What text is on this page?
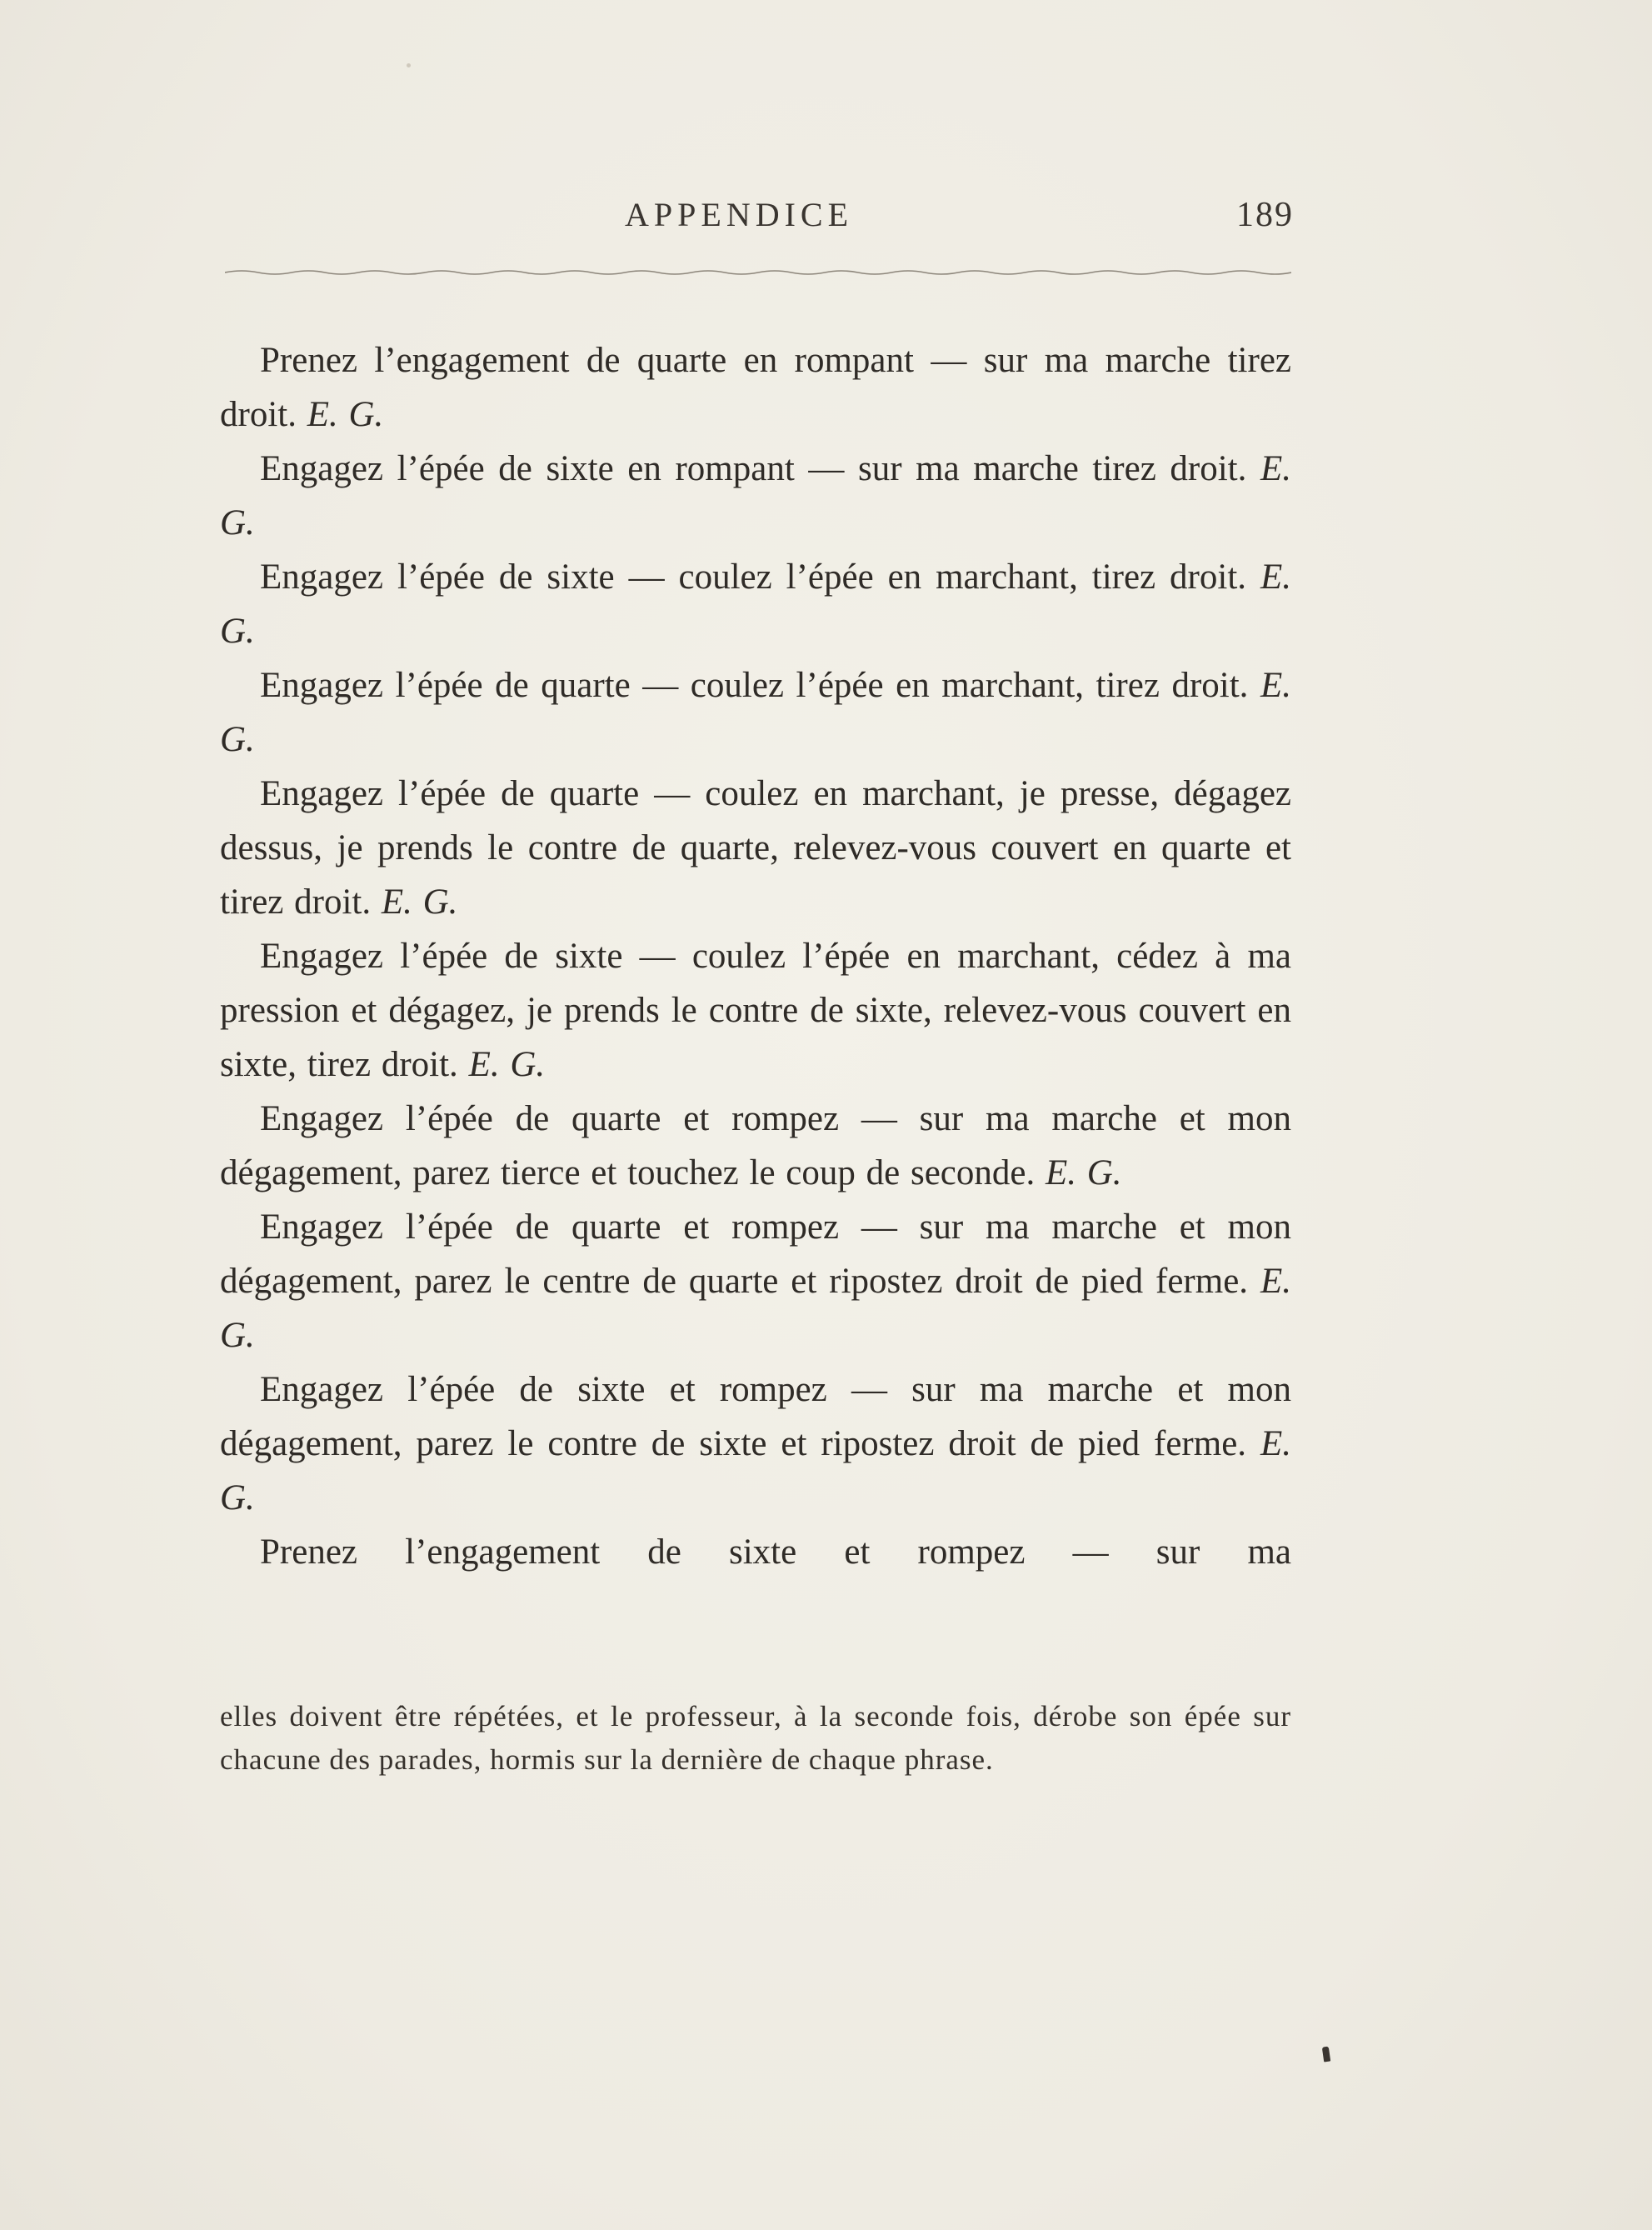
APPENDICE	189

Prenez l’engagement de quarte en rompant — sur ma marche tirez droit. E. G.

Engagez l’épée de sixte en rompant — sur ma marche tirez droit. E. G.

Engagez l’épée de sixte — coulez l’épée en marchant, tirez droit. E. G.

Engagez l’épée de quarte — coulez l’épée en marchant, tirez droit. E. G.

Engagez l’épée de quarte — coulez en marchant, je presse, dégagez dessus, je prends le contre de quarte, relevez-vous couvert en quarte et tirez droit. E. G.

Engagez l’épée de sixte — coulez l’épée en marchant, cédez à ma pression et dégagez, je prends le contre de sixte, relevez-vous couvert en sixte, tirez droit. E. G.

Engagez l’épée de quarte et rompez — sur ma marche et mon dégagement, parez tierce et touchez le coup de seconde. E. G.

Engagez l’épée de quarte et rompez — sur ma marche et mon dégagement, parez le centre de quarte et ripostez droit de pied ferme. E. G.

Engagez l’épée de sixte et rompez — sur ma marche et mon dégagement, parez le contre de sixte et ripostez droit de pied ferme. E. G.

Prenez l’engagement de sixte et rompez — sur ma

elles doivent être répétées, et le professeur, à la seconde fois, dérobe son épée sur chacune des parades, hormis sur la dernière de chaque phrase.
